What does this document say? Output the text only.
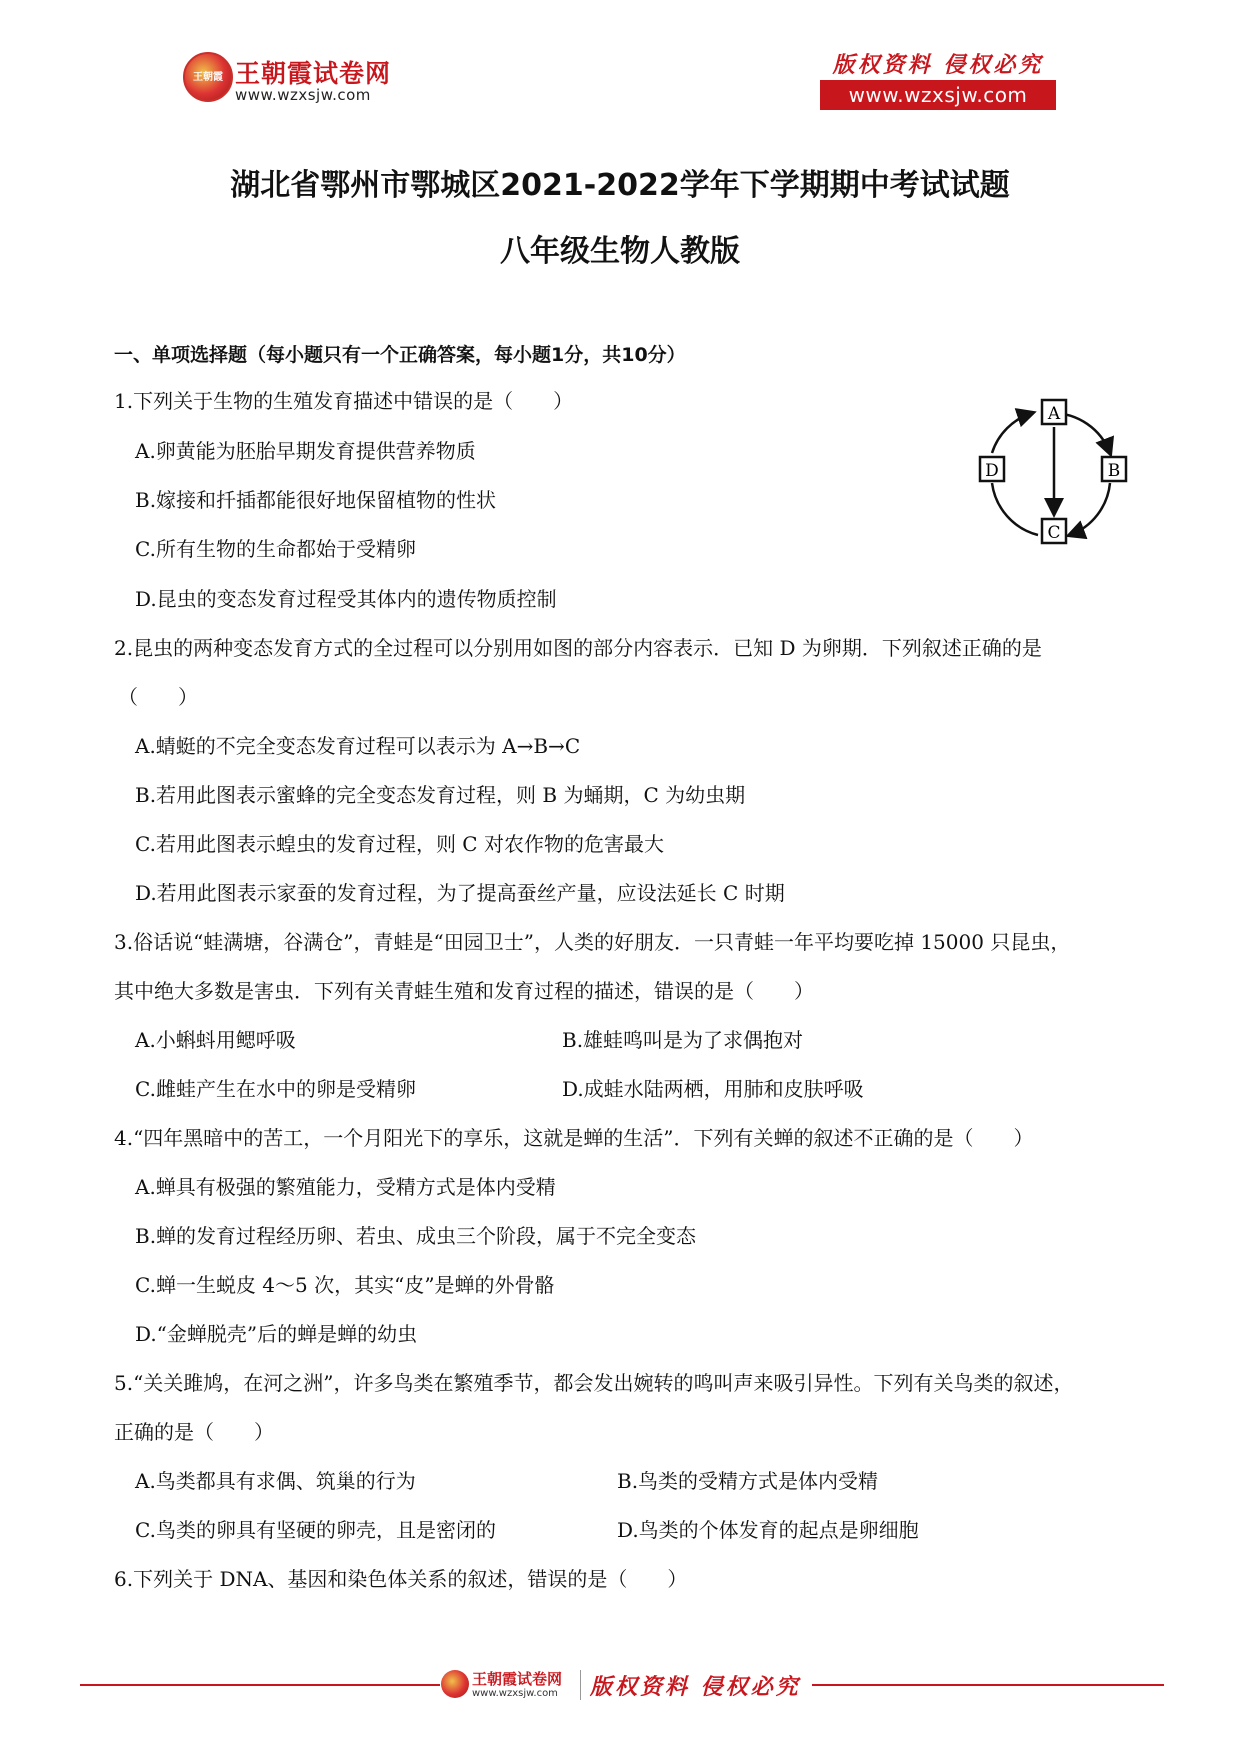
王朝霞 王朝霞试卷网
www.wzxsjw.com
版权资料 侵权必究
www.wzxsjw.com
湖北省鄂州市鄂城区2021-2022学年下学期期中考试试题
八年级生物人教版
一、单项选择题（每小题只有一个正确答案，每小题1分，共10分）
1.下列关于生物的生殖发育描述中错误的是（　　）
A.卵黄能为胚胎早期发育提供营养物质
B.嫁接和扦插都能很好地保留植物的性状
C.所有生物的生命都始于受精卵
D.昆虫的变态发育过程受其体内的遗传物质控制
A
B
C
D
2.昆虫的两种变态发育方式的全过程可以分别用如图的部分内容表示．已知 D 为卵期．下列叙述正确的是
（　　）
A.蜻蜓的不完全变态发育过程可以表示为 A→B→C
B.若用此图表示蜜蜂的完全变态发育过程，则 B 为蛹期，C 为幼虫期
C.若用此图表示蝗虫的发育过程，则 C 对农作物的危害最大
D.若用此图表示家蚕的发育过程，为了提高蚕丝产量，应设法延长 C 时期
3.俗话说“蛙满塘，谷满仓”，青蛙是“田园卫士”，人类的好朋友．一只青蛙一年平均要吃掉 15000 只昆虫，
其中绝大多数是害虫．下列有关青蛙生殖和发育过程的描述，错误的是（　　）
A.小蝌蚪用鳃呼吸	B.雄蛙鸣叫是为了求偶抱对
C.雌蛙产生在水中的卵是受精卵	D.成蛙水陆两栖，用肺和皮肤呼吸
4.“四年黑暗中的苦工，一个月阳光下的享乐，这就是蝉的生活”．下列有关蝉的叙述不正确的是（　　）
A.蝉具有极强的繁殖能力，受精方式是体内受精
B.蝉的发育过程经历卵、若虫、成虫三个阶段，属于不完全变态
C.蝉一生蜕皮 4～5 次，其实“皮”是蝉的外骨骼
D.“金蝉脱壳”后的蝉是蝉的幼虫
5.“关关雎鸠，在河之洲”，许多鸟类在繁殖季节，都会发出婉转的鸣叫声来吸引异性。下列有关鸟类的叙述，
正确的是（　　）
A.鸟类都具有求偶、筑巢的行为	B.鸟类的受精方式是体内受精
C.鸟类的卵具有坚硬的卵壳，且是密闭的	D.鸟类的个体发育的起点是卵细胞
6.下列关于 DNA、基因和染色体关系的叙述，错误的是（　　）
王朝霞试卷网
www.wzxsjw.com 版权资料 侵权必究
